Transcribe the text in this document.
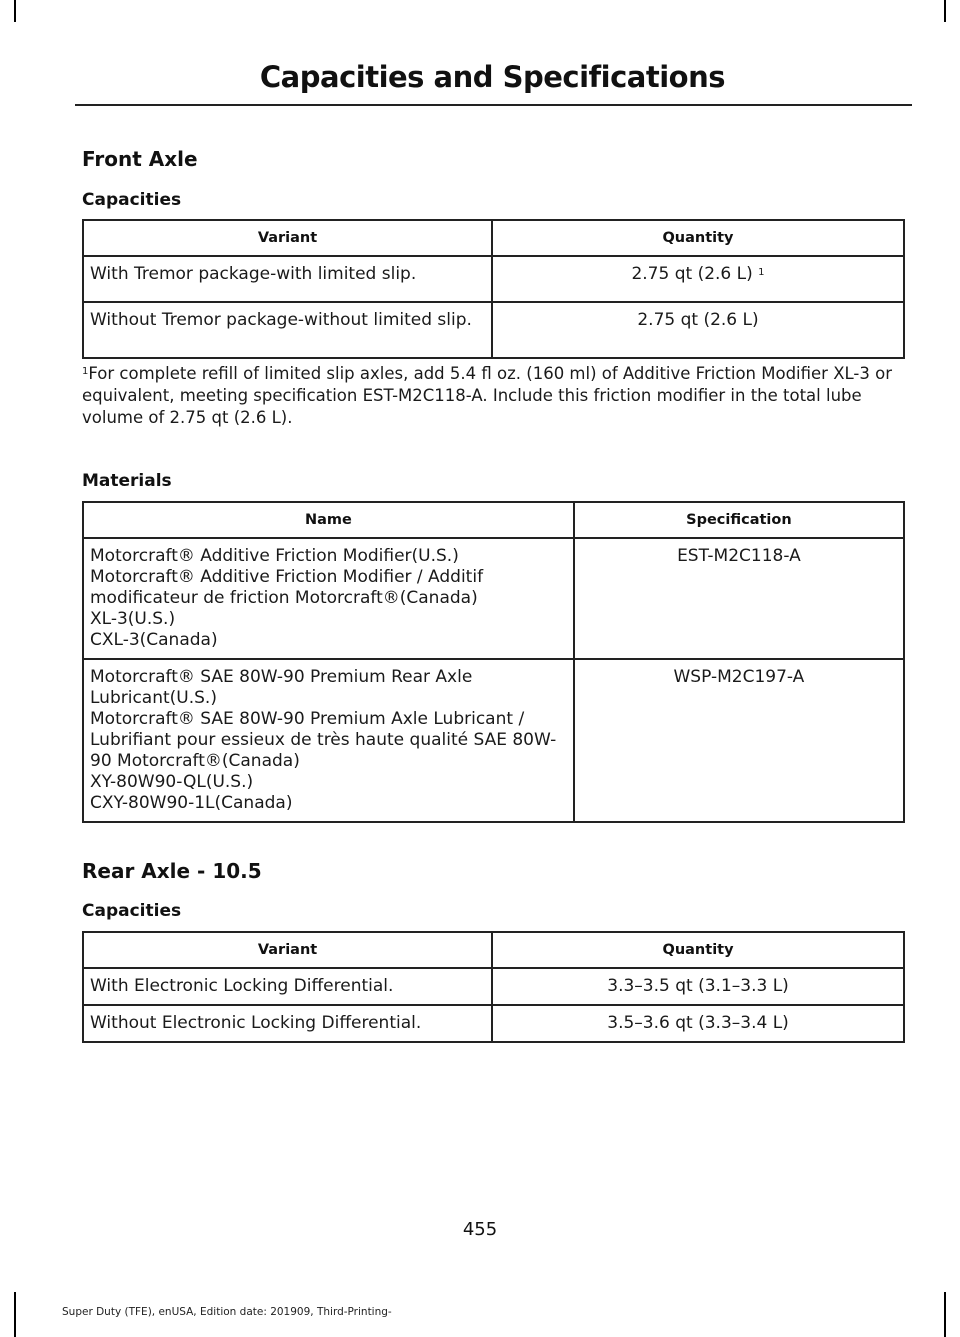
Capacities and Specifications
Front Axle
Capacities
Variant	Quantity
With Tremor package-with limited slip.	2.75 qt (2.6 L) $^1$
Without Tremor package-without limited slip.	2.75 qt (2.6 L)

$^1$For complete refill of limited slip axles, add 5.4 fl oz. (160 ml) of Additive Friction Modifier XL-3 or equivalent, meeting specification EST-M2C118-A. Include this friction modifier in the total lube volume of 2.75 qt (2.6 L).

Materials
Name	Specification

Motorcraft® Additive Friction Modifier(U.S.)
Motorcraft® Additive Friction Modifier / Additif modificateur de friction Motorcraft®(Canada)
XL-3(U.S.)
CXL-3(Canada)	EST-M2C118-A

Motorcraft® SAE 80W-90 Premium Rear Axle Lubricant(U.S.)
Motorcraft® SAE 80W-90 Premium Axle Lubricant / Lubrifiant pour essieux de très haute qualité SAE 80W-90 Motorcraft®(Canada)
XY-80W90-QL(U.S.)
CXY-80W90-1L(Canada)	WSP-M2C197-A
Rear Axle - 10.5
Capacities
Variant	Quantity
With Electronic Locking Differential.	3.3–3.5 qt (3.1–3.3 L)
Without Electronic Locking Differential.	3.5–3.6 qt (3.3–3.4 L)
455
Super Duty (TFE), enUSA, Edition date: 201909, Third-Printing-
